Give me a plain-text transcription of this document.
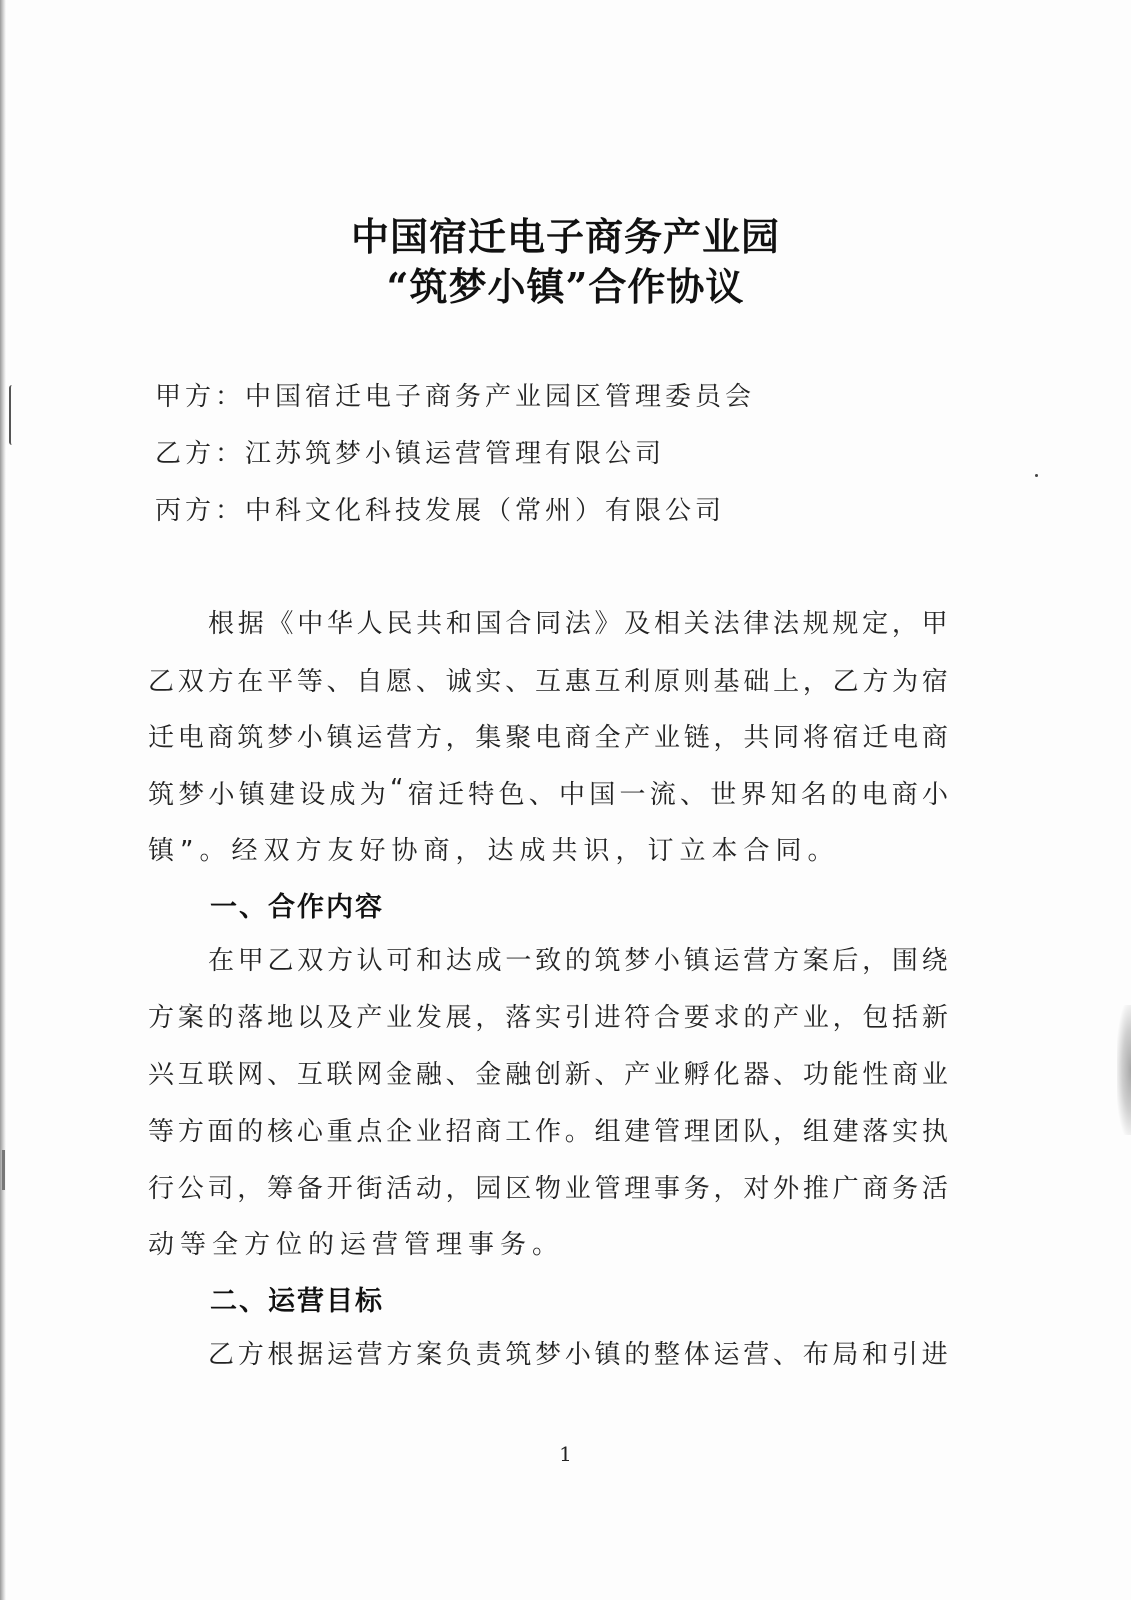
中国宿迁电子商务产业园
“筑梦小镇”合作协议
甲方：中国宿迁电子商务产业园区管理委员会
乙方：江苏筑梦小镇运营管理有限公司
丙方：中科文化科技发展（常州）有限公司
根 据 《 中 华 人 民 共 和 国 合 同 法 》 及 相 关 法 律 法 规 规 定 ， 甲
乙 双 方 在 平 等 、 自 愿 、 诚 实 、 互 惠 互 利 原 则 基 础 上 ， 乙 方 为 宿
迁 电 商 筑 梦 小 镇 运 营 方 ， 集 聚 电 商 全 产 业 链 ， 共 同 将 宿 迁 电 商
筑 梦 小 镇 建 设 成 为 “ 宿 迁 特 色 、 中 国 一 流 、 世 界 知 名 的 电 商 小
镇”。经双方友好协商，达成共识，订立本合同。
一、合作内容
在 甲 乙 双 方 认 可 和 达 成 一 致 的 筑 梦 小 镇 运 营 方 案 后 ， 围 绕
方 案 的 落 地 以 及 产 业 发 展 ， 落 实 引 进 符 合 要 求 的 产 业 ， 包 括 新
兴 互 联 网 、 互 联 网 金 融 、 金 融 创 新 、 产 业 孵 化 器 、 功 能 性 商 业
等 方 面 的 核 心 重 点 企 业 招 商 工 作 。 组 建 管 理 团 队 ， 组 建 落 实 执
行 公 司 ， 筹 备 开 街 活 动 ， 园 区 物 业 管 理 事 务 ， 对 外 推 广 商 务 活
动等全方位的运营管理事务。
二、运营目标
乙 方 根 据 运 营 方 案 负 责 筑 梦 小 镇 的 整 体 运 营 、 布 局 和 引 进
1
